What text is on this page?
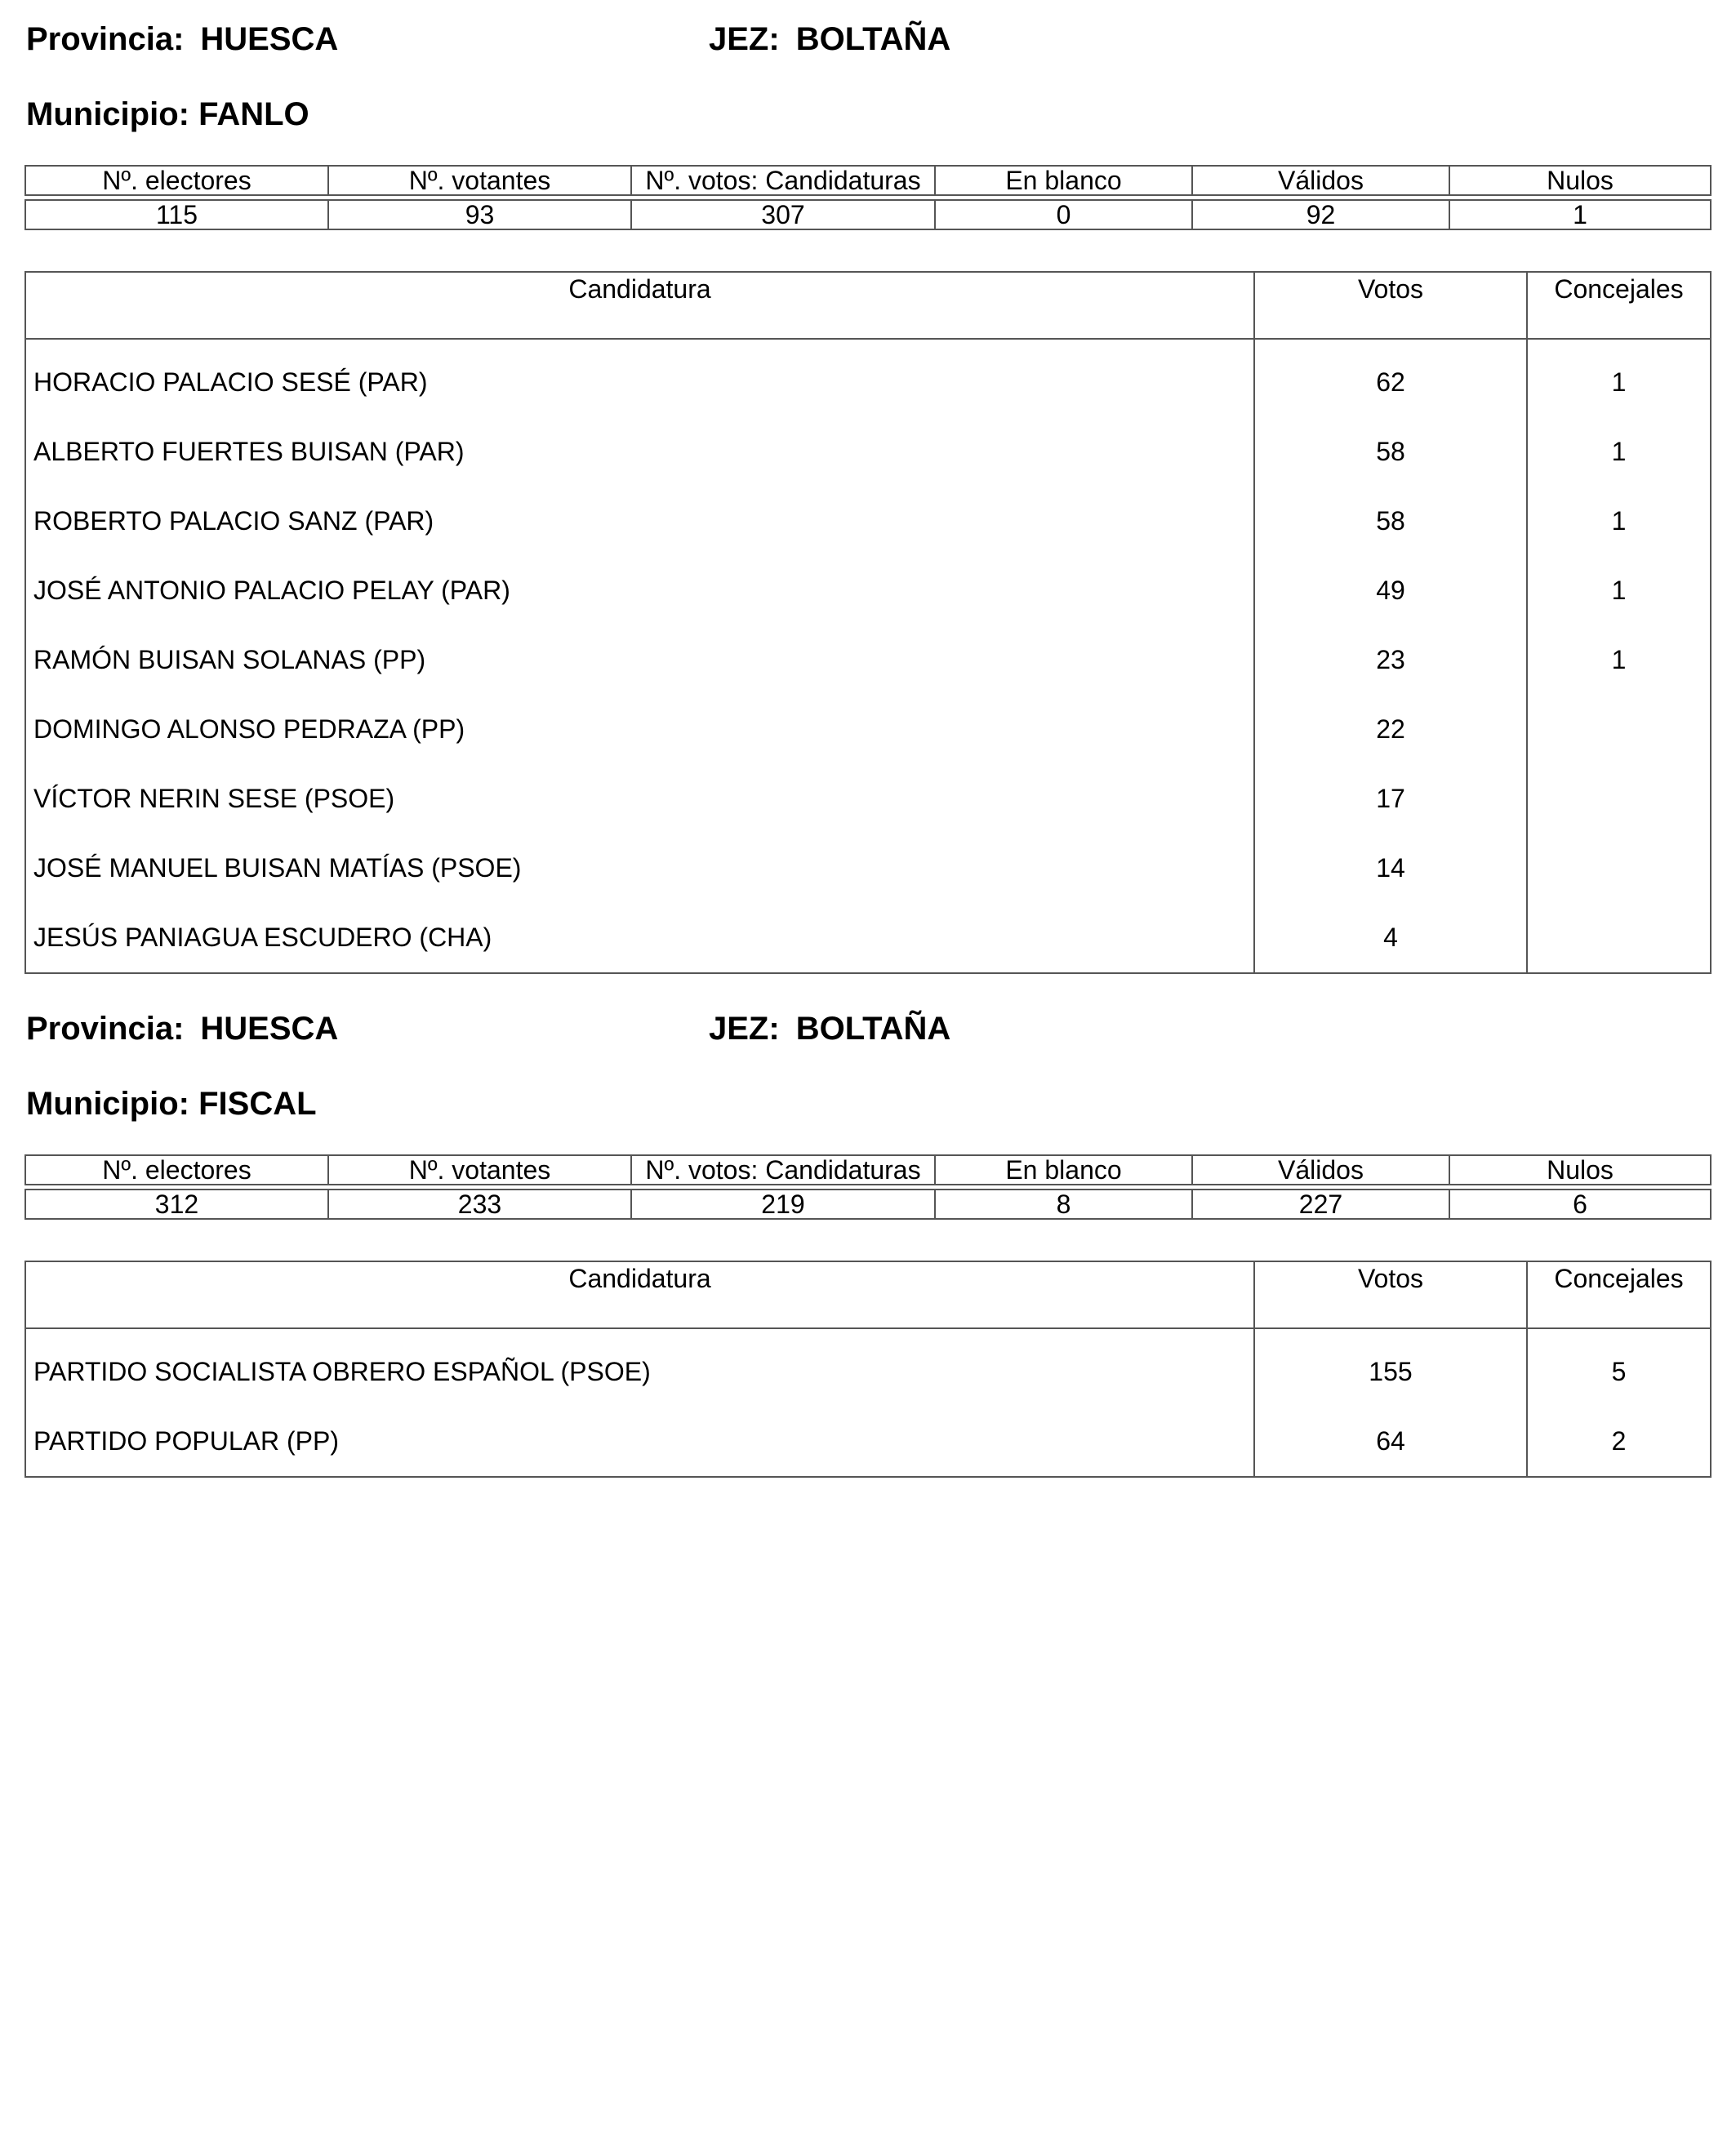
Provincia: HUESCA	JEZ: BOLTAÑA
Municipio: FANLO
Nº. electores	Nº. votantes	Nº. votos: Candidaturas	En blanco	Válidos	Nulos

115	93	307	0	92	1
Candidatura	Votos	Concejales
HORACIO PALACIO SESÉ (PAR)	62	1
ALBERTO FUERTES BUISAN (PAR)	58	1
ROBERTO PALACIO SANZ (PAR)	58	1
JOSÉ ANTONIO PALACIO PELAY (PAR)	49	1
RAMÓN BUISAN SOLANAS (PP)	23	1
DOMINGO ALONSO PEDRAZA (PP)	22	
VÍCTOR NERIN SESE (PSOE)	17	
JOSÉ MANUEL BUISAN MATÍAS (PSOE)	14	
JESÚS PANIAGUA ESCUDERO (CHA)	4	
Provincia: HUESCA	JEZ: BOLTAÑA
Municipio: FISCAL
Nº. electores	Nº. votantes	Nº. votos: Candidaturas	En blanco	Válidos	Nulos

312	233	219	8	227	6
Candidatura	Votos	Concejales
PARTIDO SOCIALISTA OBRERO ESPAÑOL (PSOE)	155	5
PARTIDO POPULAR (PP)	64	2
